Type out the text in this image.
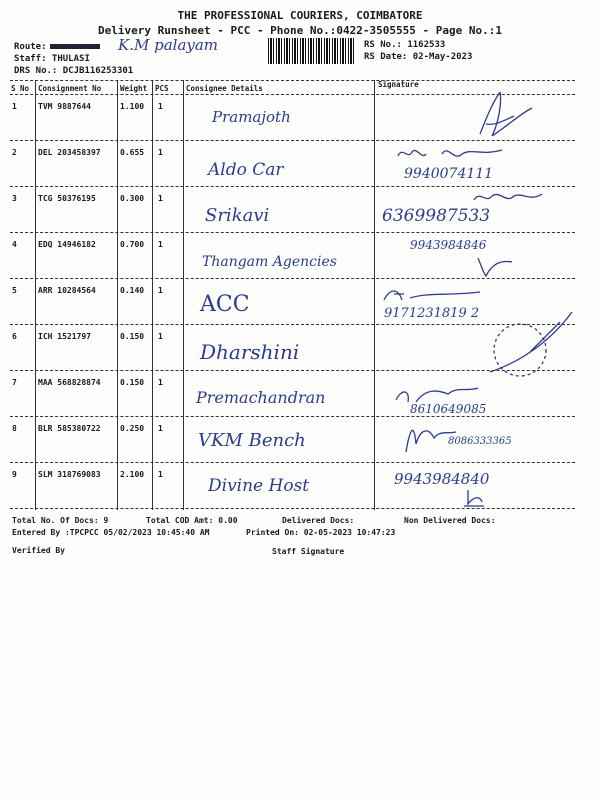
THE PROFESSIONAL COURIERS, COIMBATORE
Delivery Runsheet - PCC - Phone No.:0422-3505555 - Page No.:1
Route:	K.M palayam
Staff: THULASI
DRS No.: DCJB116253301
RS No.: 1162533
RS Date: 02-May-2023
S No Consignment No	Weight PCS Consignee Details	Signature
1	TVM 9887644	1.100 1
Pramajoth
2	DEL 203458397 0.655 1
Aldo Car	9940074111
3	TCG 50376195	0.300 1
Srikavi	6369987533
4	EDQ 14946182	0.700 1
Thangam Agencies
9943984846
5	ARR 10284564	0.140 1
ACC	9171231819 2
6	ICH 1521797	0.150 1
Dharshini
7	MAA 568828874 0.150 1
Premachandran
8610649085
8	BLR 585380722 0.250 1
VKM Bench	8086333365
9	SLM 318769083 2.100 1
Divine Host	9943984840
Total No. Of Docs: 9	Total COD Amt: 0.00	Delivered Docs:	Non Delivered Docs:
Entered By :TPCPCC 05/02/2023 10:45:40 AM	Printed On: 02-05-2023 10:47:23
Verified By	Staff Signature
